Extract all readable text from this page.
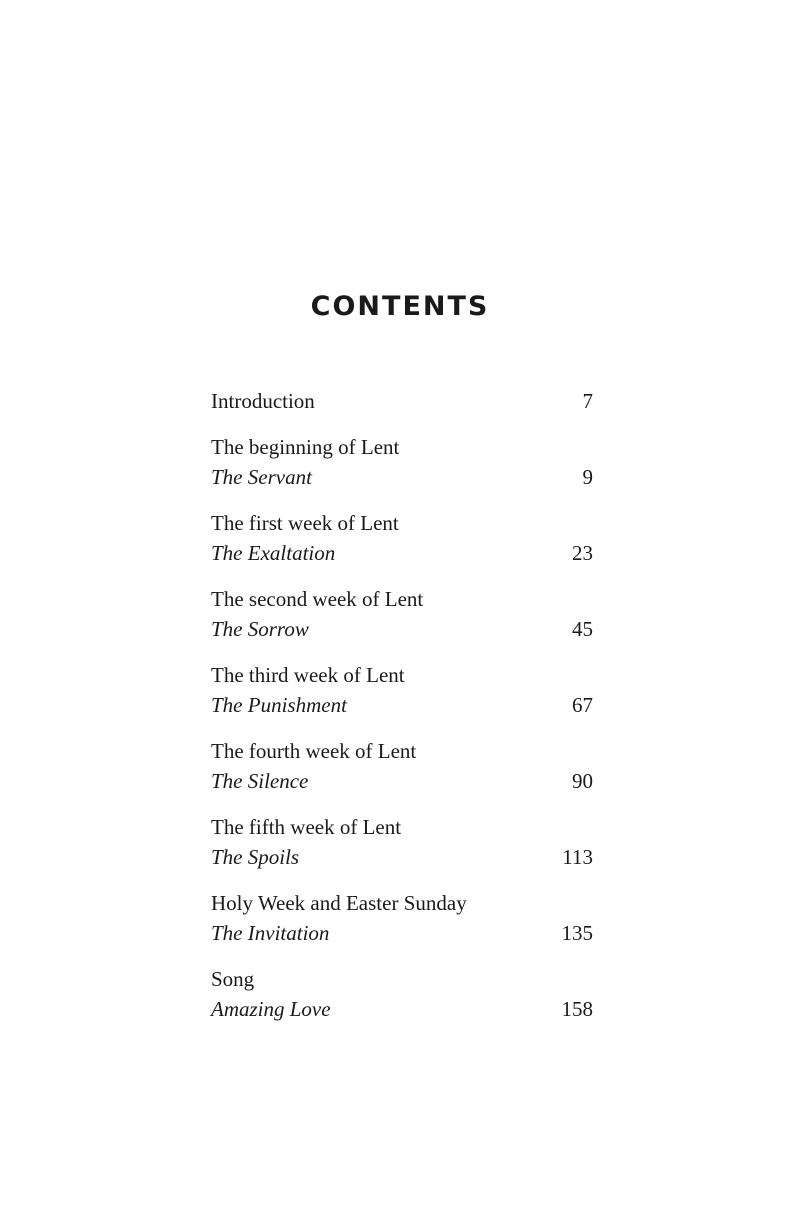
CONTENTS
Introduction	7
The beginning of Lent
The Servant	9
The first week of Lent
The Exaltation	23
The second week of Lent
The Sorrow	45
The third week of Lent
The Punishment	67
The fourth week of Lent
The Silence	90
The fifth week of Lent
The Spoils	113
Holy Week and Easter Sunday
The Invitation	135
Song
Amazing Love	158
